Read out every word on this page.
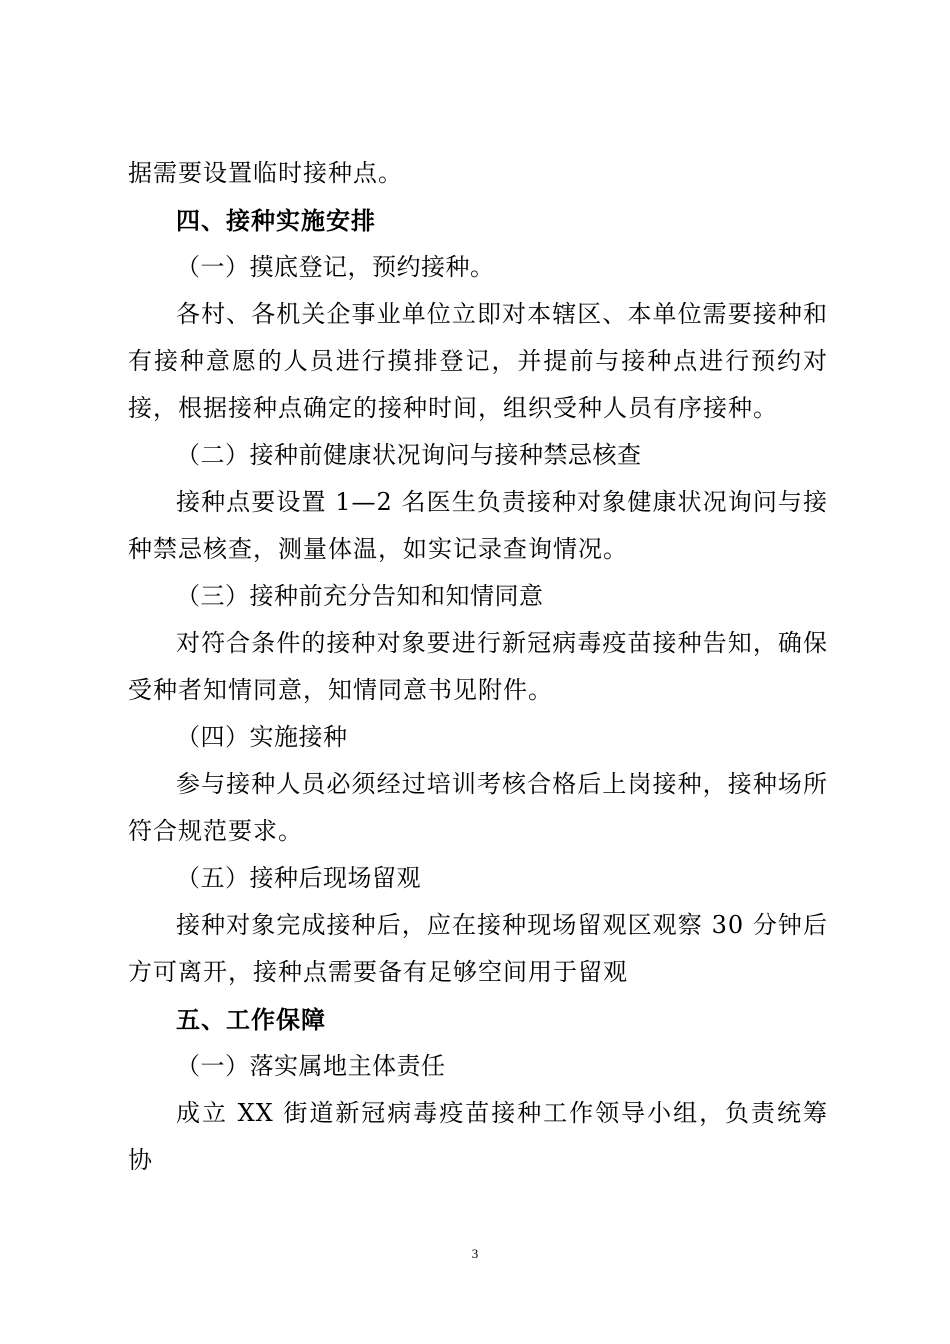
据需要设置临时接种点。

四、接种实施安排

（一）摸底登记，预约接种。

各村、各机关企事业单位立即对本辖区、本单位需要接种和有接种意愿的人员进行摸排登记，并提前与接种点进行预约对接，根据接种点确定的接种时间，组织受种人员有序接种。

（二）接种前健康状况询问与接种禁忌核查

接种点要设置 1—2 名医生负责接种对象健康状况询问与接种禁忌核查，测量体温，如实记录查询情况。

（三）接种前充分告知和知情同意

对符合条件的接种对象要进行新冠病毒疫苗接种告知，确保受种者知情同意，知情同意书见附件。

（四）实施接种

参与接种人员必须经过培训考核合格后上岗接种，接种场所符合规范要求。

（五）接种后现场留观

接种对象完成接种后，应在接种现场留观区观察 30 分钟后方可离开，接种点需要备有足够空间用于留观

五、工作保障

（一）落实属地主体责任

成立 XX 街道新冠病毒疫苗接种工作领导小组，负责统筹协

3
